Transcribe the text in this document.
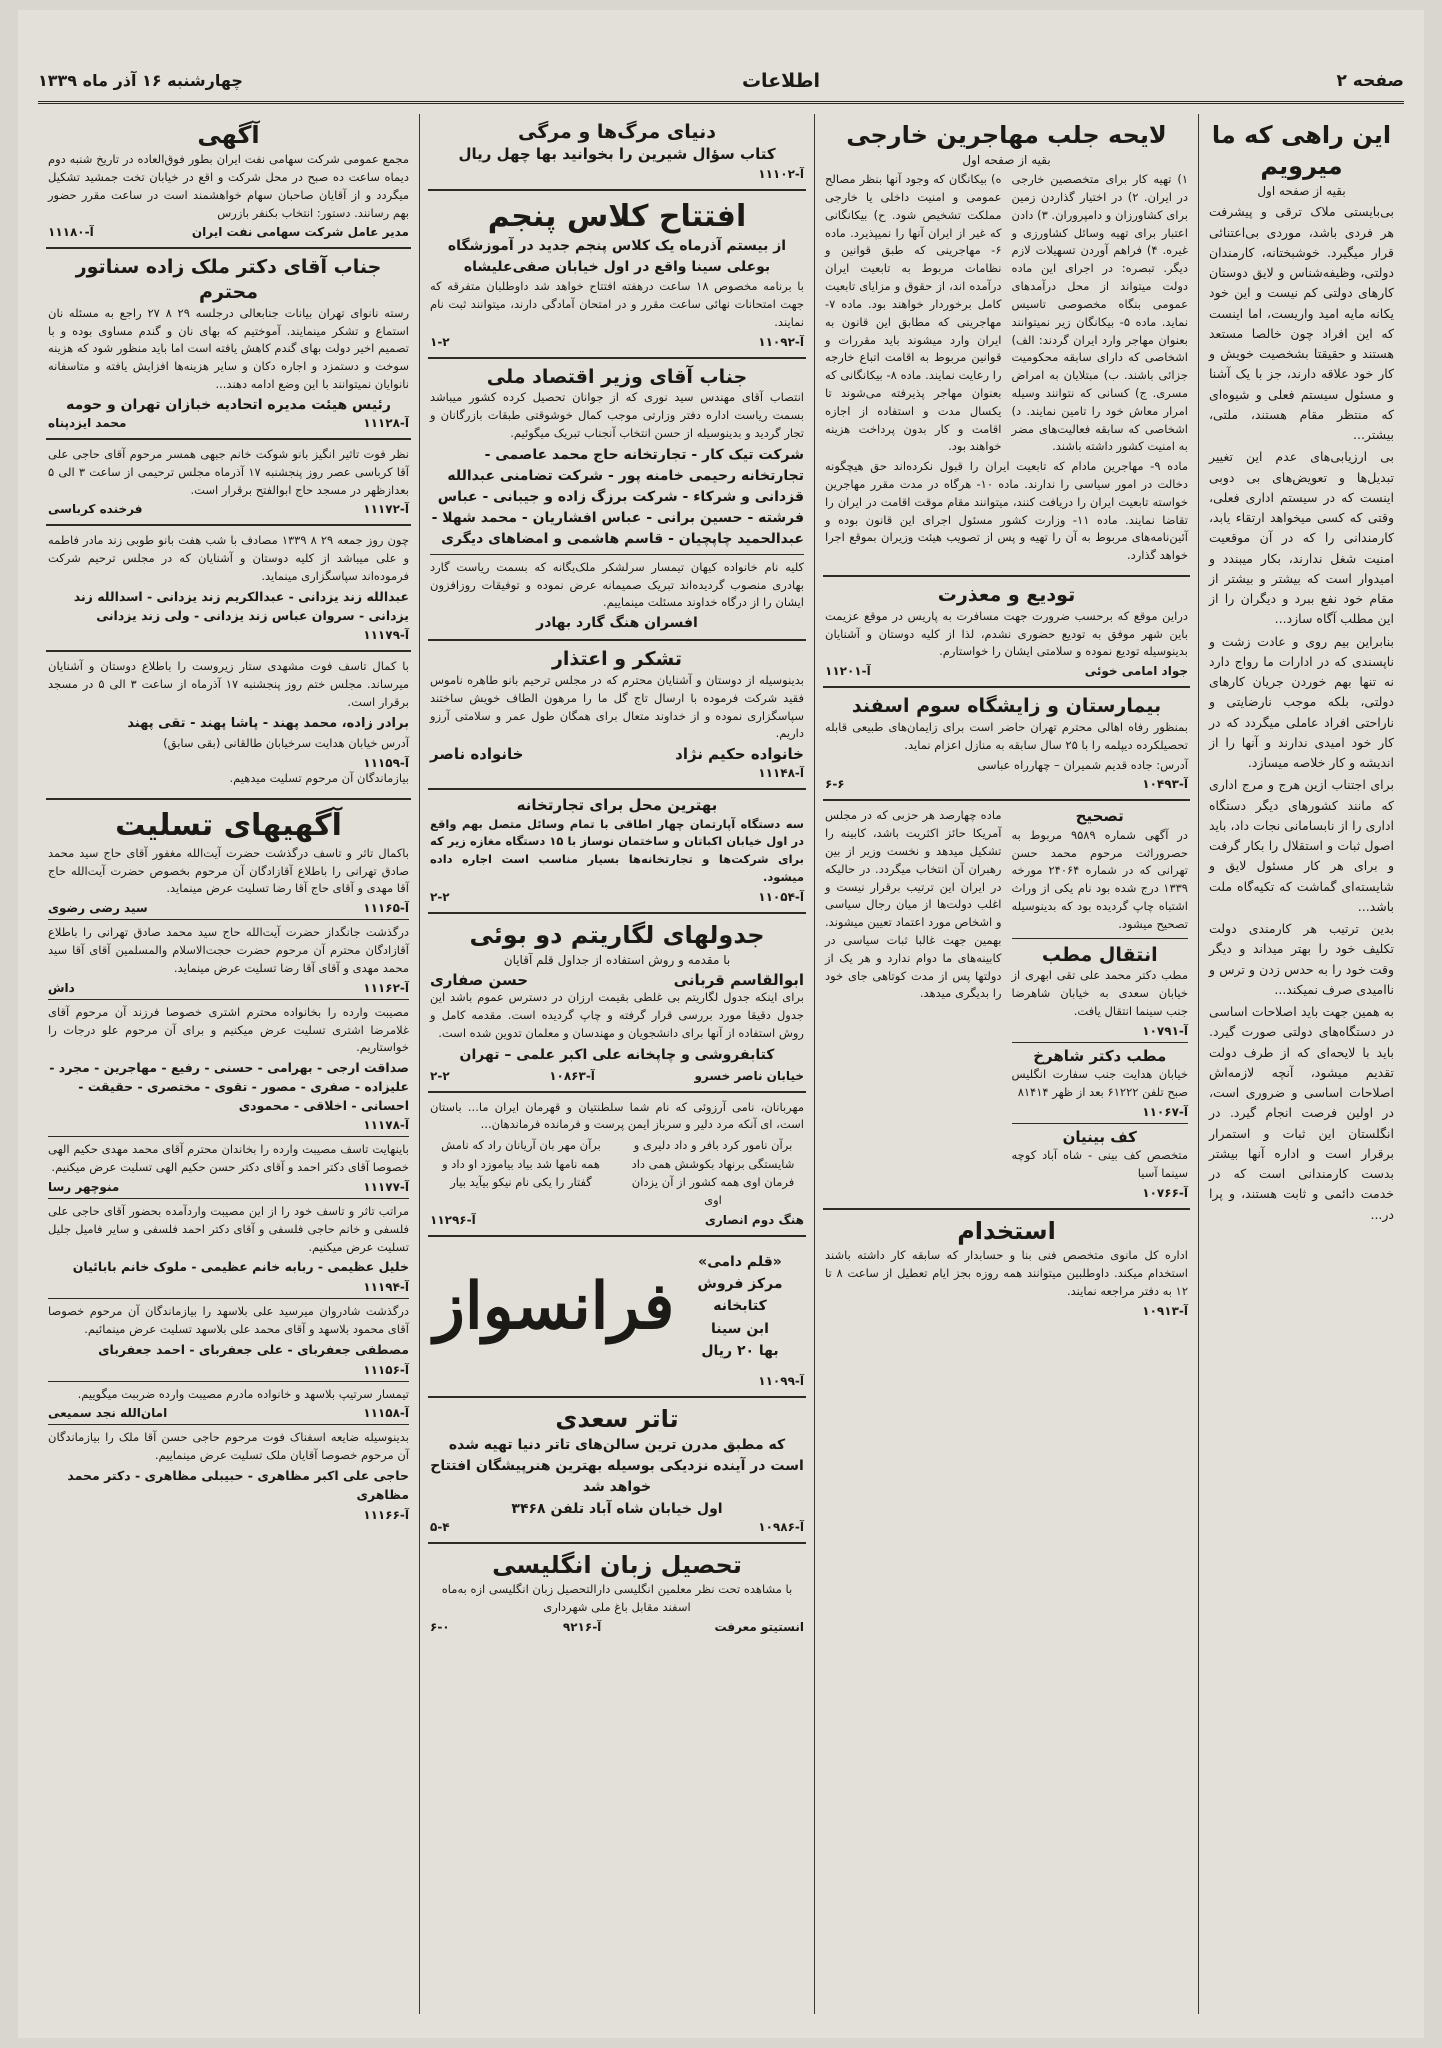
صفحه ۲
اطلاعات
چهارشنبه ۱۶ آذر ماه ۱۳۳۹
این راهی که ما میرویم
بقیه از صفحه اول

بی‌بایستی ملاک ترقی و پیشرفت هر فردی باشد، موردی بی‌اعتنائی قرار میگیرد. خوشبختانه، کارمندان دولتی، وظیفه‌شناس و لایق دوستان کارهای دولتی کم نیست و این خود یکانه مایه امید واریست، اما اینست که این افراد چون خالصا مستعد هستند و حقیقتا بشخصیت خویش و کار خود علاقه دارند، جز با یک آشنا و مسئول سیستم فعلی و شیوه‌ای که منتظر مقام هستند، ملتی، بیشتر...

بی ارزیابی‌های عدم این تغییر تبدیل‌ها و تعویض‌های بی دوبی اینست که در سیستم اداری فعلی، وقتی که کسی میخواهد ارتقاء یابد، کارمندانی را که در آن موقعیت امنیت شغل ندارند، بکار میبندد و امیدوار است که بیشتر و بیشتر از مقام خود نفع ببرد و دیگران را از این مطلب آگاه سازد...

بنابراین بیم روی و عادت زشت و ناپسندی که در ادارات ما رواج دارد نه تنها بهم خوردن جریان کارهای دولتی، بلکه موجب نارضایتی و ناراحتی افراد عاملی میگردد که در کار خود امیدی ندارند و آنها را از اندیشه و کار خلاصه میسازد.

برای اجتناب ازین هرج و مرج اداری که مانند کشورهای دیگر دستگاه اداری را از نابسامانی نجات داد، باید اصول ثبات و استقلال را بکار گرفت و برای هر کار مسئول لایق و شایسته‌ای گماشت که تکیه‌گاه ملت باشد...

بدین ترتیب هر کارمندی دولت تکلیف خود را بهتر میداند و دیگر وقت خود را به حدس زدن و ترس و ناامیدی صرف نمیکند...

به همین جهت باید اصلاحات اساسی در دستگاه‌های دولتی صورت گیرد. باید با لایحه‌ای که از طرف دولت تقدیم میشود، آنچه لازمه‌اش اصلاحات اساسی و ضروری است، در اولین فرصت انجام گیرد. در انگلستان این ثبات و استمرار برقرار است و اداره آنها بیشتر بدست کارمندانی است که در خدمت دائمی و ثابت هستند، و پرا در...

لایحه جلب مهاجرین خارجی
بقیه از صفحه اول

۱) تهیه کار برای متخصصین خارجی در ایران. ۲) در اختیار گذاردن زمین برای کشاورزان و دامپروران. ۳) دادن اعتبار برای تهیه وسائل کشاورزی و غیره. ۴) فراهم آوردن تسهیلات لازم دیگر. تبصره: در اجرای این ماده دولت میتواند از محل درآمدهای عمومی بنگاه مخصوصی تاسیس نماید. ماده ۵- بیکانگان زیر نمیتوانند بعنوان مهاجر وارد ایران گردند: الف) اشخاصی که دارای سابقه محکومیت جزائی باشند. ب) مبتلایان به امراض مسری. ج) کسانی که نتوانند وسیله امرار معاش خود را تامین نمایند. د) اشخاصی که سابقه فعالیت‌های مضر به امنیت کشور داشته باشند.

ه) بیکانگان که وجود آنها بنظر مصالح عمومی و امنیت داخلی یا خارجی مملکت تشخیص شود. ح) بیکانگانی که غیر از ایران آنها را نمیپذیرد. ماده ۶- مهاجرینی که طبق قوانین و نظامات مربوط به تابعیت ایران درآمده اند، از حقوق و مزایای تابعیت کامل برخوردار خواهند بود. ماده ۷- مهاجرینی که مطابق این قانون به ایران وارد میشوند باید مقررات و قوانین مربوط به اقامت اتباع خارجه را رعایت نمایند. ماده ۸- بیکانگانی که بعنوان مهاجر پذیرفته می‌شوند تا یکسال مدت و استفاده از اجازه اقامت و کار بدون پرداخت هزینه خواهند بود.

ماده ۹- مهاجرین مادام که تابعیت ایران را قبول نکرده‌اند حق هیچگونه دخالت در امور سیاسی را ندارند. ماده ۱۰- هرگاه در مدت مقرر مهاجرین خواسته تابعیت ایران را دریافت کنند، میتوانند مقام موقت اقامت در ایران را تقاضا نمایند. ماده ۱۱- وزارت کشور مسئول اجرای این قانون بوده و آئین‌نامه‌های مربوط به آن را تهیه و پس از تصویب هیئت وزیران بموقع اجرا خواهد گذارد.

تودیع و معذرت

دراین موقع که برحسب ضرورت جهت مسافرت به پاریس در موقع عزیمت باین شهر موفق به تودیع حضوری نشدم، لذا از کلیه دوستان و آشنایان بدینوسیله تودیع نموده و سلامتی ایشان را خواستارم.

جواد امامی خوئی
آ-۱۱۲۰۱
بیمارستان و زایشگاه سوم اسفند

بمنظور رفاه اهالی محترم تهران حاضر است برای زایمان‌های طبیعی قابله تحصیلکرده دیپلمه را با ۲۵ سال سابقه به منازل اعزام نماید.

آدرس: جاده قدیم شمیران – چهارراه عباسی

آ-۱۰۴۹۳
۶-۶
تصحیح

در آگهی شماره ۹۵۸۹ مربوط به حصروراثت مرحوم محمد حسن تهرانی که در شماره ۲۴۰۶۴ مورخه ۱۳۳۹ درج شده بود نام یکی از وراث اشتباه چاپ گردیده بود که بدینوسیله تصحیح میشود.

انتقال مطب

مطب دکتر محمد علی تقی ابهری از خیابان سعدی به خیابان شاهرضا جنب سینما انتقال یافت.

آ-۱۰۷۹۱
مطب دکتر شاهرخ

خیابان هدایت جنب سفارت انگلیس صبح تلفن ۶۱۲۲۲ بعد از ظهر ۸۱۴۱۴

آ-۱۱۰۶۷
کف بینیان

متخصص کف بینی - شاه آباد کوچه سینما آسیا

آ-۱۰۷۶۶

ماده چهارصد هر حزبی که در مجلس آمریکا حائز اکثریت باشد، کابینه را تشکیل میدهد و نخست وزیر از بین رهبران آن انتخاب میگردد. در حالیکه در ایران این ترتیب برقرار نیست و اغلب دولت‌ها از میان رجال سیاسی و اشخاص مورد اعتماد تعیین میشوند. بهمین جهت غالبا ثبات سیاسی در کابینه‌های ما دوام ندارد و هر یک از دولتها پس از مدت کوتاهی جای خود را بدیگری میدهد.

استخدام

اداره کل مانوی متخصص فنی بنا و حسابدار که سابقه کار داشته باشند استخدام میکند. داوطلبین میتوانند همه روزه بجز ایام تعطیل از ساعت ۸ تا ۱۲ به دفتر مراجعه نمایند.

آ-۱۰۹۱۳
دنیای مرگ‌ها و مرگی
کتاب سؤال شیرین را بخوانید بها چهل ریال
آ-۱۱۱۰۲
افتتاح کلاس پنجم
از بیستم آذرماه یک کلاس پنجم جدید در آموزشگاه بوعلی سینا واقع در اول خیابان صفی‌علیشاه

با برنامه مخصوص ۱۸ ساعت درهفته افتتاح خواهد شد داوطلبان متفرقه که جهت امتحانات نهائی ساعت مقرر و در امتحان آمادگی دارند، میتوانند ثبت نام نمایند.

آ-۱۱۰۹۲
۱-۲
جناب آقای وزیر اقتصاد ملی

انتصاب آقای مهندس سید نوری که از جوانان تحصیل کرده کشور میباشد بسمت ریاست اداره دفتر وزارتی موجب کمال خوشوقتی طبقات بازرگانان و تجار گردید و بدینوسیله از حسن انتخاب آنجناب تبریک میگوئیم.

شرکت تیک کار - تجارتخانه حاج محمد عاصمی - تجارتخانه رحیمی خامنه پور - شرکت تضامنی عبدالله قزدانی و شرکاء - شرکت برزگ زاده و جیبانی - عباس فرشته - حسین برانی - عباس افشاریان - محمد شهلا - عبدالحمید چاپچیان - قاسم هاشمی و امضاهای دیگری

کلیه نام خانواده کیهان تیمسار سرلشکر ملک‌یگانه که بسمت ریاست گارد بهادری منصوب گردیده‌اند تبریک صمیمانه عرض نموده و توفیقات روزافزون ایشان را از درگاه خداوند مسئلت مینماییم.

افسران هنگ گارد بهادر
تشکر و اعتذار

بدینوسیله از دوستان و آشنایان محترم که در مجلس ترحیم بانو طاهره ناموس فقید شرکت فرموده با ارسال تاج گل ما را مرهون الطاف خویش ساختند سپاسگزاری نموده و از خداوند متعال برای همگان طول عمر و سلامتی آرزو داریم.

خانواده حکیم نژاد
خانواده ناصر
آ-۱۱۱۴۸
بهترین محل برای تجارتخانه

سه دستگاه آپارتمان چهار اطاقی با تمام وسائل متصل بهم واقع در اول خیابان اکباتان و ساختمان نوساز با ۱۵ دستگاه مغازه زیر که برای شرکت‌ها و تجارتخانه‌ها بسیار مناسب است اجاره داده میشود.

آ-۱۱۰۵۴
۲-۲
جدولهای لگاریتم دو بوئی
با مقدمه و روش استفاده از جداول قلم آقایان
ابوالقاسم قربانی
حسن صفاری

برای اینکه جدول لگاریتم بی غلطی بقیمت ارزان در دسترس عموم باشد این جدول دقیقا مورد بررسی قرار گرفته و چاپ گردیده است. مقدمه کامل و روش استفاده از آنها برای دانشجویان و مهندسان و معلمان تدوین شده است.

کتابفروشی و چاپخانه علی اکبر علمی – تهران
خیابان ناصر خسرو
آ-۱۰۸۶۳
۲-۲

مهربانان، نامی آرزوئی که نام شما سلطنتیان و قهرمان ایران ما... باستان است، ای آنکه مرد دلیر و سرباز ایمن پرست و فرمانده فرماندهان...

برآن نامور کرد بافر و داد دلیری و شایستگی برنهاد بکوشش همی داد فرمان اوی همه کشور از آن یزدان اوی
برآن مهر بان آریانان راد که نامش همه نامها شد بیاد بیاموزد او داد و گفتار را یکی نام نیکو بیآید بیار
هنگ دوم انصاری
آ-۱۱۲۹۶
«قلم دامی»
مرکز فروش
کتابخانه
ابن سینا
بها ۲۰ ریال
فرانسواز
آ-۱۱۰۹۹
تاتر سعدی

که مطبق مدرن ترین سالن‌های تاتر دنیا تهیه شده است در آینده نزدیکی بوسیله بهترین هنرپیشگان افتتاح خواهد شد

اول خیابان شاه آباد تلفن ۳۴۶۸
آ-۱۰۹۸۶
۵-۴
تحصیل زبان انگلیسی

با مشاهده تحت نظر معلمین انگلیسی دارالتحصیل زبان انگلیسی ازه به‌ماه اسفند مقابل باغ ملی شهرداری

انستیتو معرفت
آ-۹۲۱۶
۶-۰
آگهی

مجمع عمومی شرکت سهامی نفت ایران بطور فوق‌العاده در تاریخ شنبه دوم دیماه ساعت ده صبح در محل شرکت و اقع در خیابان تخت جمشید تشکیل میگردد و از آقایان صاحبان سهام خواهشمند است در ساعت مقرر حضور بهم رسانند. دستور: انتخاب بکنفر بازرس

مدیر عامل شرکت سهامی نفت ایران
آ-۱۱۱۸۰
جناب آقای دکتر ملک زاده سناتور محترم

رسته نانوای تهران بیانات جنابعالی درجلسه ۲۹ ۸ ۲۷ راجع به مسئله نان استماع و تشکر مینمایند. آموختیم که بهای نان و گندم مساوی بوده و با تصمیم اخیر دولت بهای گندم کاهش یافته است اما باید منظور شود که هزینه سوخت و دستمزد و اجاره دکان و سایر هزینه‌ها افزایش یافته و متاسفانه نانوایان نمیتوانند با این وضع ادامه دهند...

رئیس هیئت مدیره اتحادیه خبازان تهران و حومه
آ-۱۱۱۲۸
محمد ایزدپناه

نظر فوت تاثیر انگیز بانو شوکت خانم جبهی همسر مرحوم آقای حاجی علی آقا کرباسی عصر روز پنجشنبه ۱۷ آذرماه مجلس ترحیمی از ساعت ۳ الی ۵ بعدازظهر در مسجد حاج ابوالفتح برقرار است.

آ-۱۱۱۷۲
فرخنده کرباسی

چون روز جمعه ۲۹ ۸ ۱۳۳۹ مصادف با شب هفت بانو طوبی زند مادر فاطمه و علی میباشد از کلیه دوستان و آشنایان که در مجلس ترحیم شرکت فرموده‌اند سپاسگزاری مینماید.

عبدالله زند یزدانی - عبدالکریم زند یزدانی - اسدالله زند یزدانی - سروان عباس زند یزدانی - ولی زند یزدانی

آ-۱۱۱۷۹

با کمال تاسف فوت مشهدی ستار زیروست را باطلاع دوستان و آشنایان میرساند. مجلس ختم روز پنجشنبه ۱۷ آذرماه از ساعت ۳ الی ۵ در مسجد برقرار است.

برادر زاده، محمد پهند - پاشا پهند - تقی پهند

آدرس خیابان هدایت سرخیابان طالقانی (بقی سابق)

آ-۱۱۱۵۹

بیازماندگان آن مرحوم تسلیت میدهیم.

آگهیهای تسلیت

باکمال تاثر و تاسف درگذشت حضرت آیت‌الله مغفور آقای حاج سید محمد صادق تهرانی را باطلاع آقازادگان آن مرحوم بخصوص حضرت آیت‌الله حاج آقا مهدی و آقای حاج آقا رضا تسلیت عرض مینماید.

آ-۱۱۱۶۵
سید رضی رضوی

درگذشت جانگداز حضرت آیت‌الله حاج سید محمد صادق تهرانی را باطلاع آقازادگان محترم آن مرحوم حضرت حجت‌الاسلام والمسلمین آقای آقا سید محمد مهدی و آقای آقا رضا تسلیت عرض مینماید.

آ-۱۱۱۶۲
داش

مصیبت وارده را بخانواده محترم اشتری خصوصا فرزند آن مرحوم آقای غلامرضا اشتری تسلیت عرض میکنیم و برای آن مرحوم علو درجات را خواستاریم.

صداقت ارجی - بهرامی - حسنی - رفیع - مهاجرین - مجرد - علیزاده - صفری - مصور - تقوی - مختصری - حقیقت - احسانی - اخلاقی - محمودی

آ-۱۱۱۷۸

باینهایت تاسف مصیبت وارده را بخاندان محترم آقای محمد مهدی حکیم الهی خصوصا آقای دکتر احمد و آقای دکتر حسن حکیم الهی تسلیت عرض میکنیم.

آ-۱۱۱۷۷
منوچهر رسا

مراتب تاثر و تاسف خود را از این مصیبت واردآمده بحضور آقای حاجی علی فلسفی و خانم حاجی فلسفی و آقای دکتر احمد فلسفی و سایر فامیل جلیل تسلیت عرض میکنیم.

خلیل عظیمی - ربابه خانم عظیمی - ملوک خانم بابائیان

آ-۱۱۱۹۴

درگذشت شادروان میرسید علی بلاسهد را بیازماندگان آن مرحوم خصوصا آقای محمود بلاسهد و آقای محمد علی بلاسهد تسلیت عرض مینمائیم.

مصطفی جعفربای - علی جعفربای - احمد جعفربای

آ-۱۱۱۵۶

تیمسار سرتیپ بلاسهد و خانواده مادرم مصیبت وارده ضرببت میگوییم.

آ-۱۱۱۵۸
امان‌الله نجد سمیعی

بدینوسیله ضایعه اسفناک فوت مرحوم حاجی حسن آقا ملک را بیازماندگان آن مرحوم خصوصا آقایان ملک تسلیت عرض مینماییم.

حاجی علی اکبر مظاهری - حبیبلی مظاهری - دکتر محمد مظاهری

آ-۱۱۱۶۶
